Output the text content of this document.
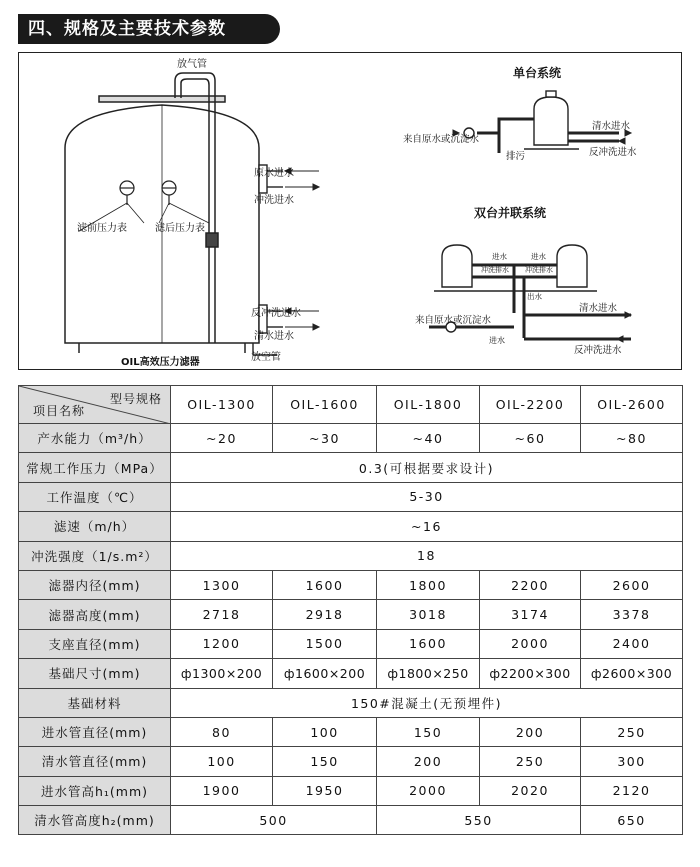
四、规格及主要技术参数
放气管
原水进水
冲洗进水
反冲洗进水
清水进水
放空管
滤前压力表	滤后压力表
OIL高效压力滤器
单台系统
来自原水或沉淀水
排污
清水进水
反冲洗进水
双台并联系统
进水	进水
冲洗排水 冲洗排水
出水
来自原水或沉淀水
进水
清水进水
反冲洗进水
型号规格
项目名称	OIL-1300	OIL-1600	OIL-1800	OIL-2200	OIL-2600
产水能力（m³/h）	~20	~30	~40	~60	~80
常规工作压力（MPa）	0.3(可根据要求设计)				
工作温度（℃）	5-30				
滤速（m/h）	~16				
冲洗强度（1/s.m²）	18				
滤器内径(mm)	1300	1600	1800	2200	2600
滤器高度(mm)	2718	2918	3018	3174	3378
支座直径(mm)	1200	1500	1600	2000	2400
基础尺寸(mm)	ф1300×200	ф1600×200	ф1800×250	ф2200×300	ф2600×300
基础材料	150#混凝土(无预埋件)				
进水管直径(mm)	80	100	150	200	250
清水管直径(mm)	100	150	200	250	300
进水管高h₁(mm)	1900	1950	2000	2020	2120
清水管高度h₂(mm)	500		550		650
